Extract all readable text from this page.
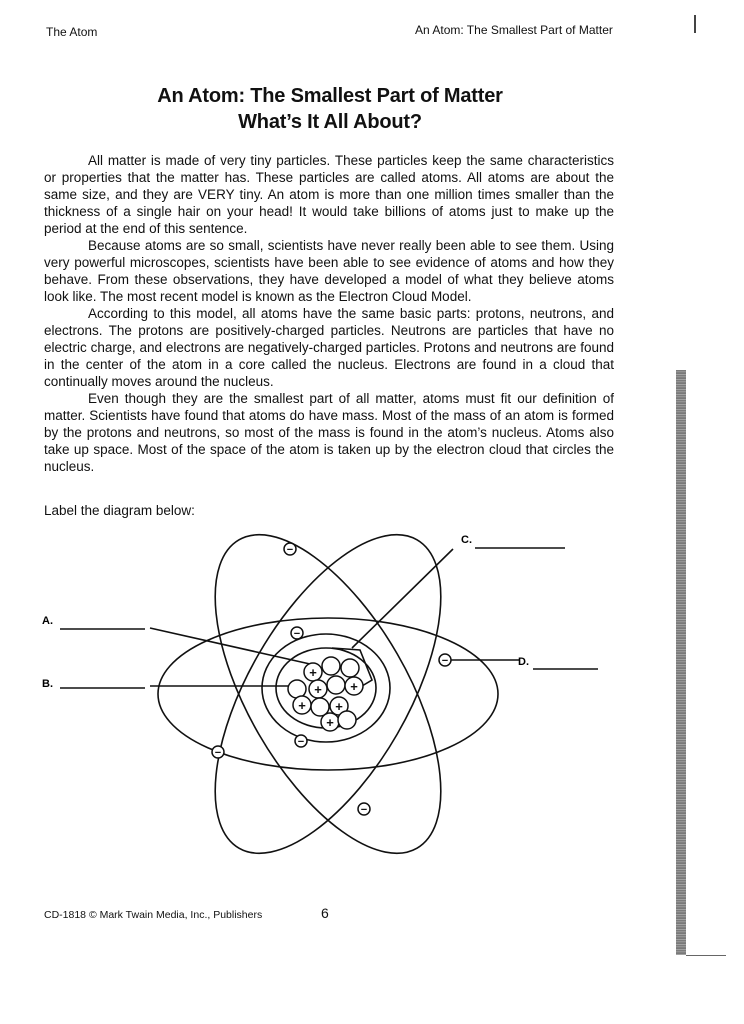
The Atom	An Atom: The Smallest Part of Matter
An Atom: The Smallest Part of Matter
What’s It All About?

All matter is made of very tiny particles. These particles keep the same characteristics or properties that the matter has. These particles are called atoms. All atoms are about the same size, and they are VERY tiny. An atom is more than one million times smaller than the thickness of a single hair on your head! It would take billions of atoms just to make up the period at the end of this sentence.

Because atoms are so small, scientists have never really been able to see them. Using very powerful microscopes, scientists have been able to see evidence of atoms and how they behave. From these observations, they have developed a model of what they believe atoms look like. The most recent model is known as the Electron Cloud Model.

According to this model, all atoms have the same basic parts: protons, neutrons, and electrons. The protons are positively-charged particles. Neutrons are particles that have no electric charge, and electrons are negatively-charged particles. Protons and neutrons are found in the center of the atom in a core called the nucleus. Electrons are found in a cloud that continually moves around the nucleus.

Even though they are the smallest part of all matter, atoms must fit our definition of matter. Scientists have found that atoms do have mass. Most of the mass of an atom is formed by the protons and neutrons, so most of the mass is found in the atom’s nucleus. Atoms also take up space. Most of the space of the atom is taken up by the electron cloud that circles the nucleus.

Label the diagram below:
+
+ +
+ +
+
−
−
−
−
−
−
A.
B.
C.
D.
CD-1818 © Mark Twain Media, Inc., Publishers	6
